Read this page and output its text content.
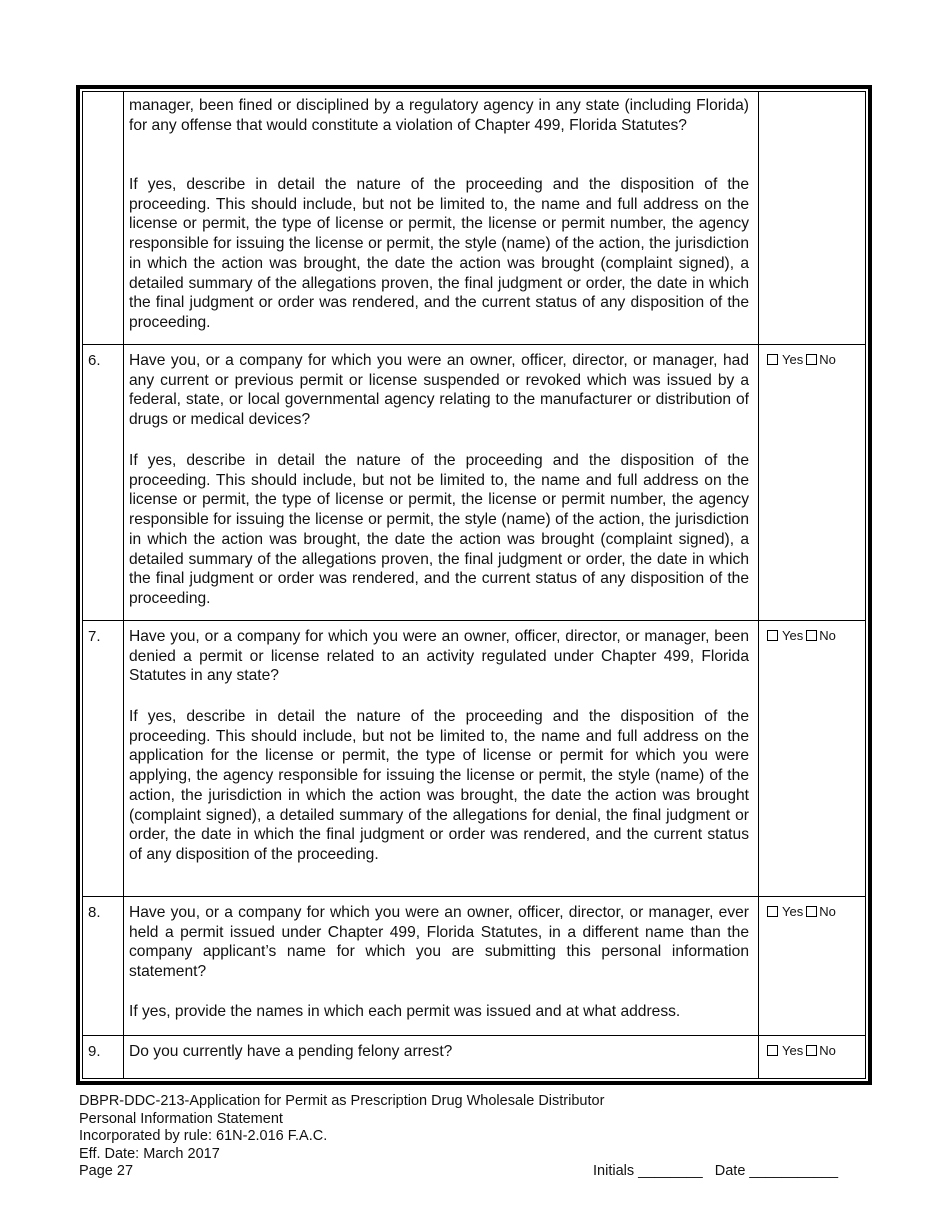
manager, been fined or disciplined by a regulatory agency in any state (including Florida) for any offense that would constitute a violation of Chapter 499, Florida Statutes?

If yes, describe in detail the nature of the proceeding and the disposition of the proceeding. This should include, but not be limited to, the name and full address on the license or permit, the type of license or permit, the license or permit number, the agency responsible for issuing the license or permit, the style (name) of the action, the jurisdiction in which the action was brought, the date the action was brought (complaint signed), a detailed summary of the allegations proven, the final judgment or order, the date in which the final judgment or order was rendered, and the current status of any disposition of the proceeding.

6. Have you, or a company for which you were an owner, officer, director, or manager, had any current or previous permit or license suspended or revoked which was issued by a federal, state, or local governmental agency relating to the manufacturer or distribution of drugs or medical devices?

If yes, describe in detail the nature of the proceeding and the disposition of the proceeding. This should include, but not be limited to, the name and full address on the license or permit, the type of license or permit, the license or permit number, the agency responsible for issuing the license or permit, the style (name) of the action, the jurisdiction in which the action was brought, the date the action was brought (complaint signed), a detailed summary of the allegations proven, the final judgment or order, the date in which the final judgment or order was rendered, and the current status of any disposition of the proceeding.

Yes No
7. Have you, or a company for which you were an owner, officer, director, or manager, been denied a permit or license related to an activity regulated under Chapter 499, Florida Statutes in any state?

If yes, describe in detail the nature of the proceeding and the disposition of the proceeding. This should include, but not be limited to, the name and full address on the application for the license or permit, the type of license or permit for which you were applying, the agency responsible for issuing the license or permit, the style (name) of the action, the jurisdiction in which the action was brought, the date the action was brought (complaint signed), a detailed summary of the allegations for denial, the final judgment or order, the date in which the final judgment or order was rendered, and the current status of any disposition of the proceeding.

Yes No
8. Have you, or a company for which you were an owner, officer, director, or manager, ever held a permit issued under Chapter 499, Florida Statutes, in a different name than the company applicant’s name for which you are submitting this personal information statement?

If yes, provide the names in which each permit was issued and at what address.

Yes No
9. Do you currently have a pending felony arrest?	Yes No
DBPR-DDC-213-Application for Permit as Prescription Drug Wholesale Distributor
Personal Information Statement
Incorporated by rule: 61N-2.016 F.A.C.
Eff. Date: March 2017
Page 27	Initials ________ Date ___________
